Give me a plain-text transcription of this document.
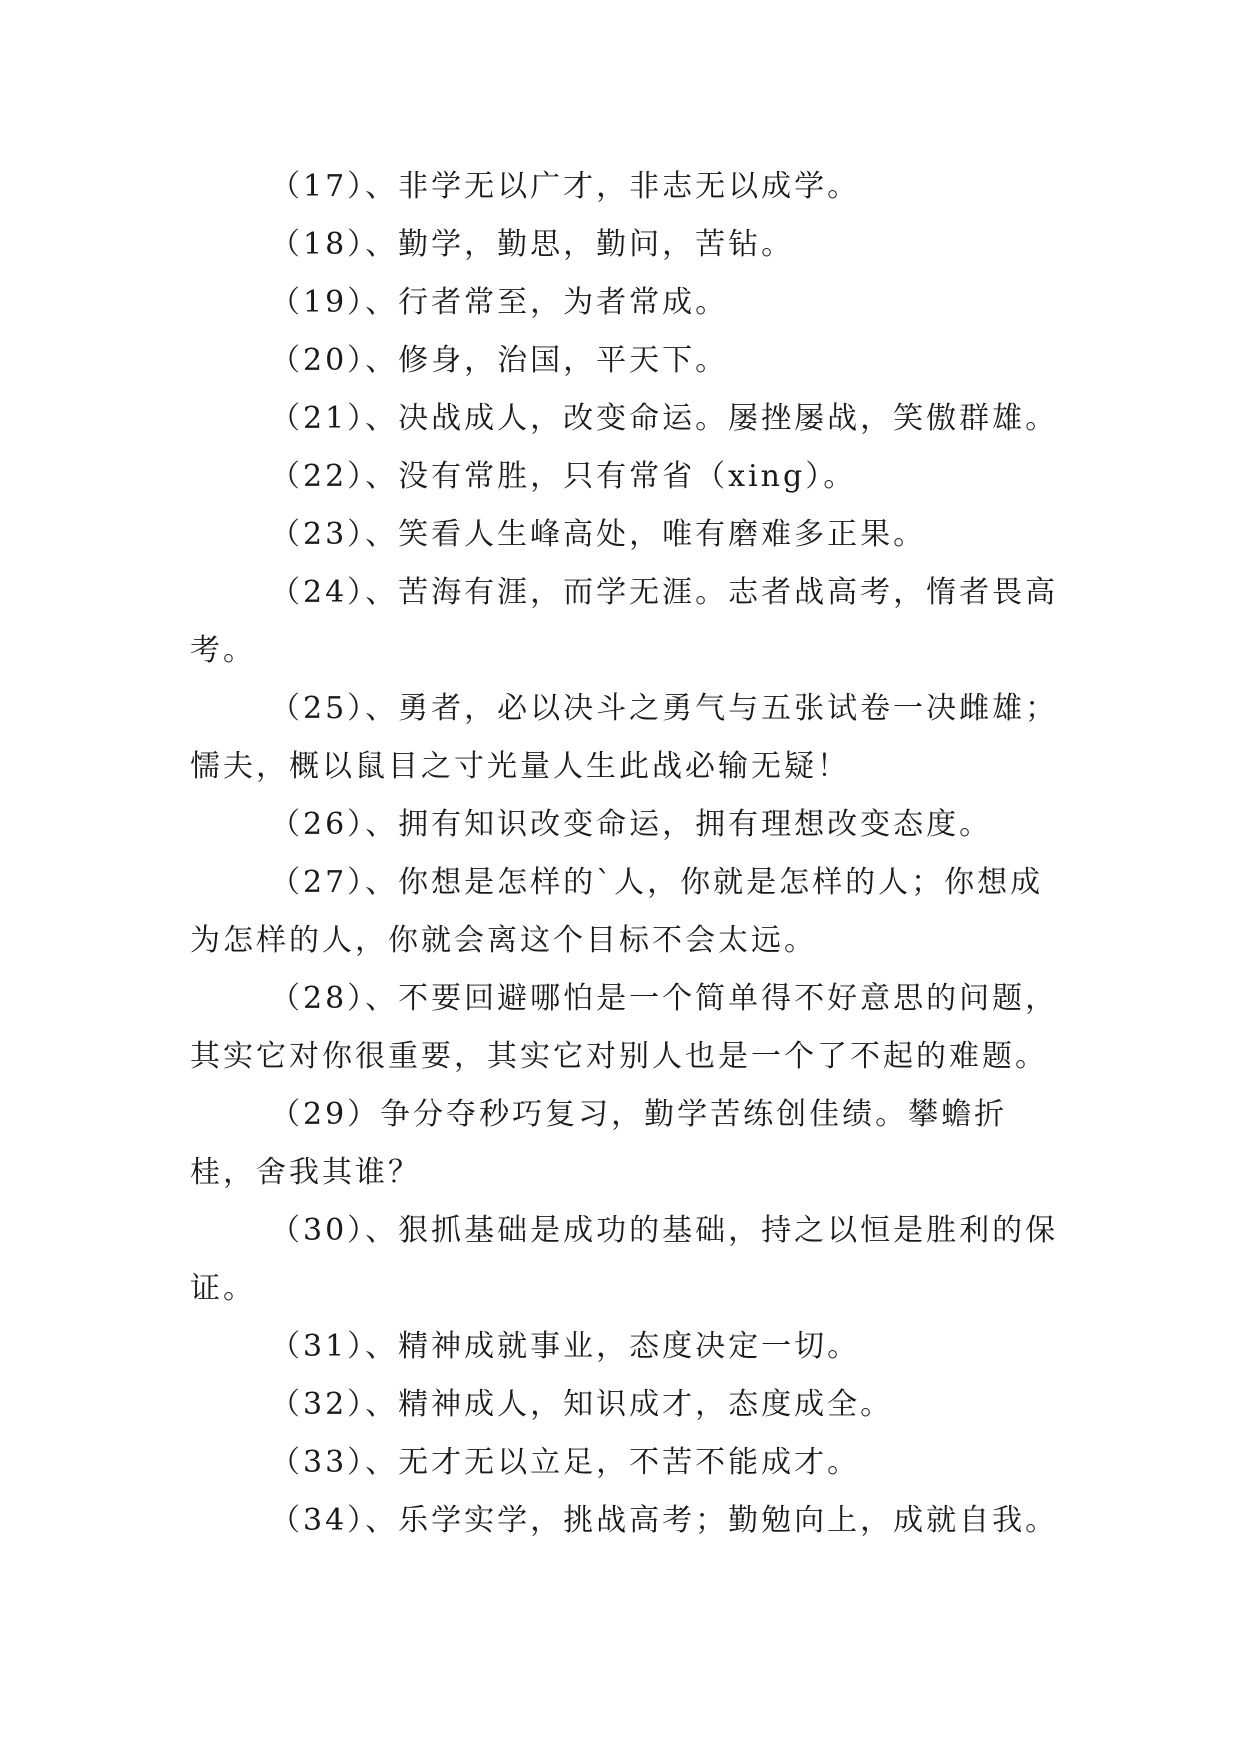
（17）、非学无以广才，非志无以成学。

（18）、勤学，勤思，勤问，苦钻。

（19）、行者常至，为者常成。

（20）、修身，治国，平天下。

（21）、决战成人，改变命运。屡挫屡战，笑傲群雄。

（22）、没有常胜，只有常省（xing）。

（23）、笑看人生峰高处，唯有磨难多正果。

（24）、苦海有涯，而学无涯。志者战高考，惰者畏高考。

（25）、勇者，必以决斗之勇气与五张试卷一决雌雄；懦夫，概以鼠目之寸光量人生此战必输无疑！

（26）、拥有知识改变命运，拥有理想改变态度。

（27）、你想是怎样的`人，你就是怎样的人；你想成为怎样的人，你就会离这个目标不会太远。

（28）、不要回避哪怕是一个简单得不好意思的问题，其实它对你很重要，其实它对别人也是一个了不起的难题。

（29）争分夺秒巧复习，勤学苦练创佳绩。攀蟾折桂，舍我其谁？

（30）、狠抓基础是成功的基础，持之以恒是胜利的保证。

（31）、精神成就事业，态度决定一切。

（32）、精神成人，知识成才，态度成全。

（33）、无才无以立足，不苦不能成才。

（34）、乐学实学，挑战高考；勤勉向上，成就自我。
